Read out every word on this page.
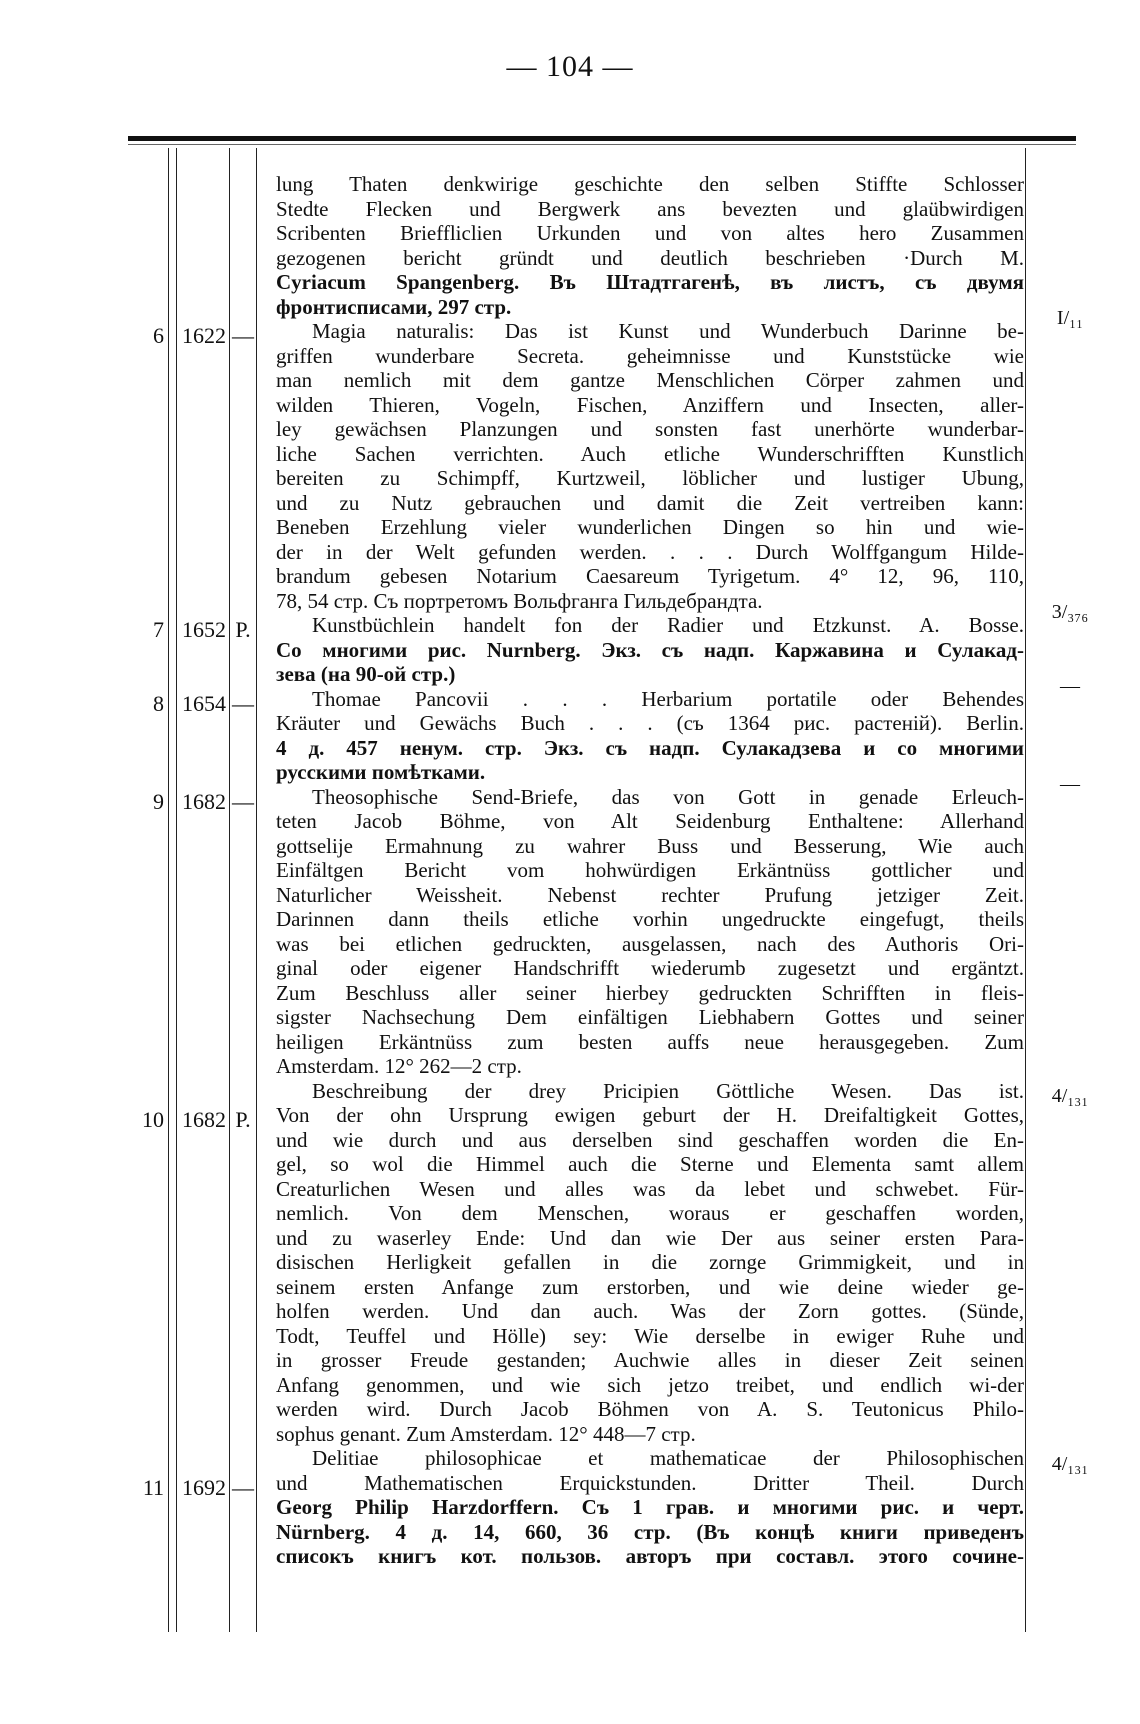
— 104 —
6 1622 —
7 1652 P.
8 1654 —
9 1682 —
10 1682 P.
11 1692 —
I/₁₁
3/₃₇₆
—
—
4/₁₃₁
4/₁₃₁
lung Thaten denkwirige geschichte den selben Stiffte Schlosser
Stedte Flecken und Bergwerk ans bevezten und glaübwirdigen
Scribenten Brieffliclien Urkunden und von altes hero Zusammen
gezogenen bericht gründt und deutlich beschrieben ·Durch M.
Cyriacum Spangenberg. Въ Штадтгагенѣ, въ листъ, съ двумя
фронтисписами, 297 стр.
Magia naturalis: Das ist Kunst und Wunderbuch Darinne be-
griffen wunderbare Secreta. geheimnisse und Kunststücke wie
man nemlich mit dem gantze Menschlichen Cörper zahmen und
wilden Thieren, Vogeln, Fischen, Anziffern und Insecten, aller-
ley gewächsen Planzungen und sonsten fast unerhörte wunderbar-
liche Sachen verrichten. Auch etliche Wunderschrifften Kunstlich
bereiten zu Schimpff, Kurtzweil, löblicher und lustiger Ubung,
und zu Nutz gebrauchen und damit die Zeit vertreiben kann:
Beneben Erzehlung vieler wunderlichen Dingen so hin und wie-
der in der Welt gefunden werden. . . . Durch Wolffgangum Hilde-
brandum gebesen Notarium Caesareum Tyrigetum. 4° 12, 96, 110,
78, 54 стр. Съ портретомъ Вольфганга Гильдебрандта.
Kunstbüchlein handelt fon der Radier und Etzkunst. A. Bosse.
Со многими рис. Nurnberg. Экз. съ надп. Каржавина и Сулакад-
зева (на 90-ой стр.)
Thomae Pancovii . . . Herbarium portatile oder Behendes
Kräuter und Gewächs Buch . . . (съ 1364 рис. растеній). Berlin.
4 д. 457 ненум. стр. Экз. съ надп. Сулакадзева и со многими
русскими помѣтками.
Theosophische Send-Briefe, das von Gott in genade Erleuch-
teten Jacob Böhme, von Alt Seidenburg Enthaltene: Allerhand
gottselije Ermahnung zu wahrer Buss und Besserung, Wie auch
Einfältgen Bericht vom hohwürdigen Erkäntnüss gottlicher und
Naturlicher Weissheit. Nebenst rechter Prufung jetziger Zeit.
Darinnen dann theils etliche vorhin ungedruckte eingefugt, theils
was bei etlichen gedruckten, ausgelassen, nach des Authoris Ori-
ginal oder eigener Handschrifft wiederumb zugesetzt und ergäntzt.
Zum Beschluss aller seiner hierbey gedruckten Schrifften in fleis-
sigster Nachsechung Dem einfältigen Liebhabern Gottes und seiner
heiligen Erkäntnüss zum besten auffs neue herausgegeben. Zum
Amsterdam. 12° 262—2 стр.
Beschreibung der drey Pricipien Göttliche Wesen. Das ist.
Von der ohn Ursprung ewigen geburt der H. Dreifaltigkeit Gottes,
und wie durch und aus derselben sind geschaffen worden die En-
gel, so wol die Himmel auch die Sterne und Elementa samt allem
Creaturlichen Wesen und alles was da lebet und schwebet. Für-
nemlich. Von dem Menschen, woraus er geschaffen worden,
und zu waserley Ende: Und dan wie Der aus seiner ersten Para-
disischen Herligkeit gefallen in die zornge Grimmigkeit, und in
seinem ersten Anfange zum erstorben, und wie deine wieder ge-
holfen werden. Und dan auch. Was der Zorn gottes. (Sünde,
Todt, Teuffel und Hölle) sey: Wie derselbe in ewiger Ruhe und
in grosser Freude gestanden; Auchwie alles in dieser Zeit seinen
Anfang genommen, und wie sich jetzo treibet, und endlich wi-der
werden wird. Durch Jacob Böhmen von A. S. Teutonicus Philo-
sophus genant. Zum Amsterdam. 12° 448—7 стр.
Delitiae philosophicae et mathematicae der Philosophischen
und Mathematischen Erquickstunden. Dritter Theil. Durch
Georg Philip Harzdorffern. Съ 1 грав. и многими рис. и черт.
Nürnberg. 4 д. 14, 660, 36 стр. (Въ концѣ книги приведенъ
списокъ книгъ кот. пользов. авторъ при составл. этого сочине-
